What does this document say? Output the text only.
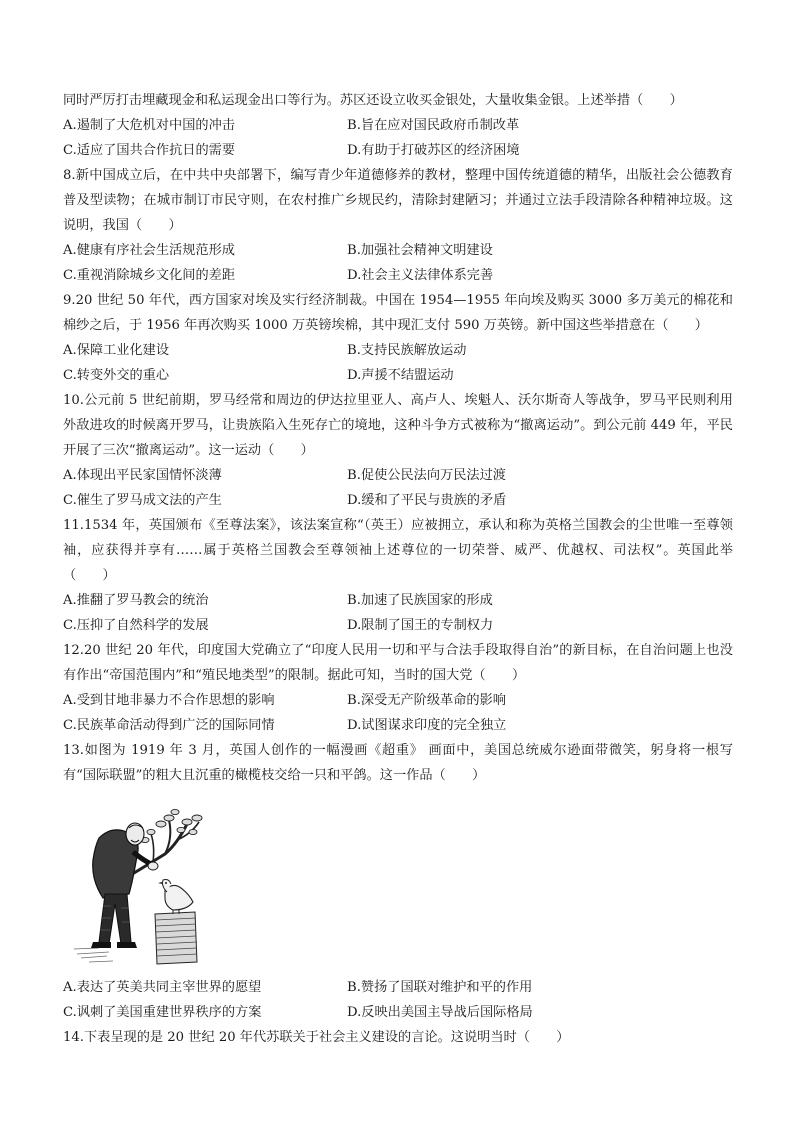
同时严厉打击埋藏现金和私运现金出口等行为。苏区还设立收买金银处，大量收集金银。上述举措（　　）

A.遏制了大危机对中国的冲击	B.旨在应对国民政府币制改革
C.适应了国共合作抗日的需要	D.有助于打破苏区的经济困境

8.新中国成立后，在中共中央部署下，编写青少年道德修养的教材，整理中国传统道德的精华，出版社会公德教育普及型读物；在城市制订市民守则，在农村推广乡规民约，清除封建陋习；并通过立法手段清除各种精神垃圾。这说明，我国（　　）

A.健康有序社会生活规范形成	B.加强社会精神文明建设
C.重视消除城乡文化间的差距	D.社会主义法律体系完善

9.20 世纪 50 年代，西方国家对埃及实行经济制裁。中国在 1954—1955 年向埃及购买 3000 多万美元的棉花和棉纱之后，于 1956 年再次购买 1000 万英镑埃棉，其中现汇支付 590 万英镑。新中国这些举措意在（　　）

A.保障工业化建设	B.支持民族解放运动
C.转变外交的重心	D.声援不结盟运动

10.公元前 5 世纪前期，罗马经常和周边的伊达拉里亚人、高卢人、埃魁人、沃尔斯奇人等战争，罗马平民则利用外敌进攻的时候离开罗马，让贵族陷入生死存亡的境地，这种斗争方式被称为“撤离运动”。到公元前 449 年，平民开展了三次“撤离运动”。这一运动（　　）

A.体现出平民家国情怀淡薄	B.促使公民法向万民法过渡
C.催生了罗马成文法的产生	D.缓和了平民与贵族的矛盾

11.1534 年，英国颁布《至尊法案》，该法案宣称“（英王）应被拥立，承认和称为英格兰国教会的尘世唯一至尊领袖，应获得并享有……属于英格兰国教会至尊领袖上述尊位的一切荣誉、威严、优越权、司法权”。英国此举（　　）

A.推翻了罗马教会的统治	B.加速了民族国家的形成
C.压抑了自然科学的发展	D.限制了国王的专制权力

12.20 世纪 20 年代，印度国大党确立了“印度人民用一切和平与合法手段取得自治”的新目标，在自治问题上也没有作出“帝国范围内”和“殖民地类型”的限制。据此可知，当时的国大党（　　）

A.受到甘地非暴力不合作思想的影响	B.深受无产阶级革命的影响
C.民族革命活动得到广泛的国际同情	D.试图谋求印度的完全独立

13.如图为 1919 年 3 月，英国人创作的一幅漫画《超重》 画面中，美国总统威尔逊面带微笑，躬身将一根写有“国际联盟”的粗大且沉重的橄榄枝交给一只和平鸽。这一作品（　　）

A.表达了英美共同主宰世界的愿望	B.赞扬了国联对维护和平的作用
C.讽刺了美国重建世界秩序的方案	D.反映出美国主导战后国际格局

14.下表呈现的是 20 世纪 20 年代苏联关于社会主义建设的言论。这说明当时（　　）
